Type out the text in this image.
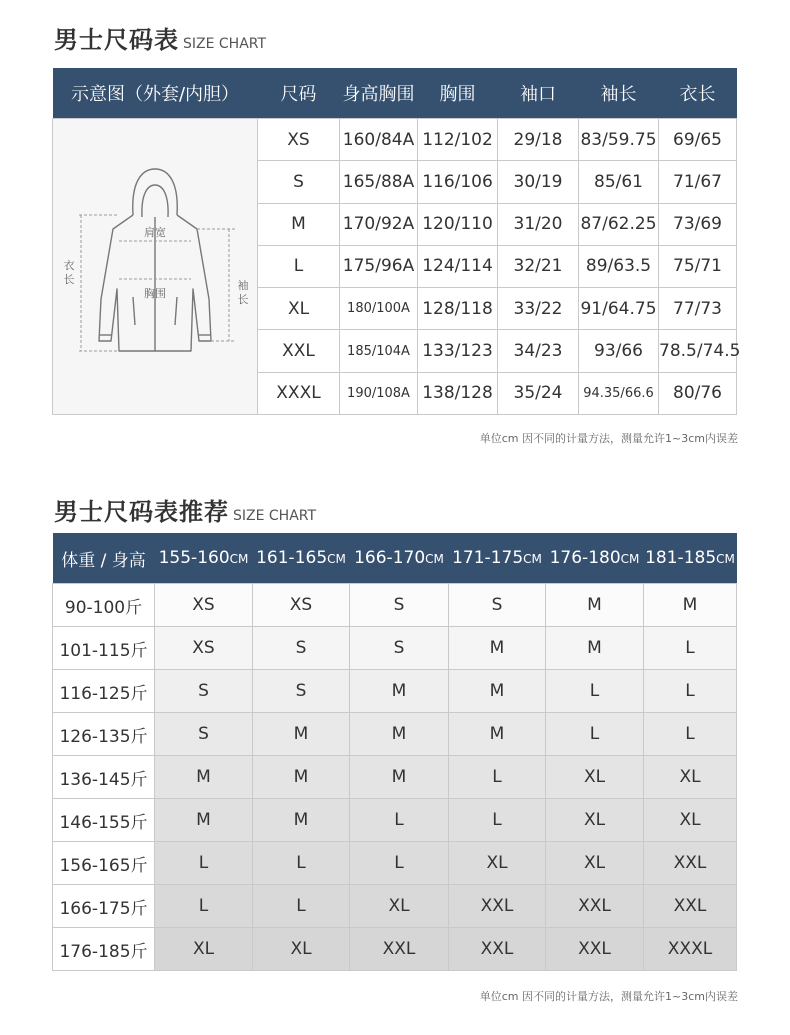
男士尺码表 SIZE CHART
示意图（外套/内胆）	尺码	身高胸围	胸围	袖口	袖长	衣长

肩宽
胸围
衣长 袖长	XS	160/84A	112/102	29/18	83/59.75	69/65
	S	165/88A	116/106	30/19	85/61	71/67
	M	170/92A	120/110	31/20	87/62.25	73/69
	L	175/96A	124/114	32/21	89/63.5	75/71
	XL	180/100A	128/118	33/22	91/64.75	77/73
	XXL	185/104A	133/123	34/23	93/66	78.5/74.5
	XXXL	190/108A	138/128	35/24	94.35/66.6	80/76
单位cm 因不同的计量方法，测量允许1~3cm内误差
男士尺码表推荐 SIZE CHART
体重 / 身高	155-160CM	161-165CM	166-170CM	171-175CM	176-180CM	181-185CM
90-100斤	XS	XS	S	S	M	M
101-115斤	XS	S	S	M	M	L
116-125斤	S	S	M	M	L	L
126-135斤	S	M	M	M	L	L
136-145斤	M	M	M	L	XL	XL
146-155斤	M	M	L	L	XL	XL
156-165斤	L	L	L	XL	XL	XXL
166-175斤	L	L	XL	XXL	XXL	XXL
176-185斤	XL	XL	XXL	XXL	XXL	XXXL
单位cm 因不同的计量方法，测量允许1~3cm内误差
